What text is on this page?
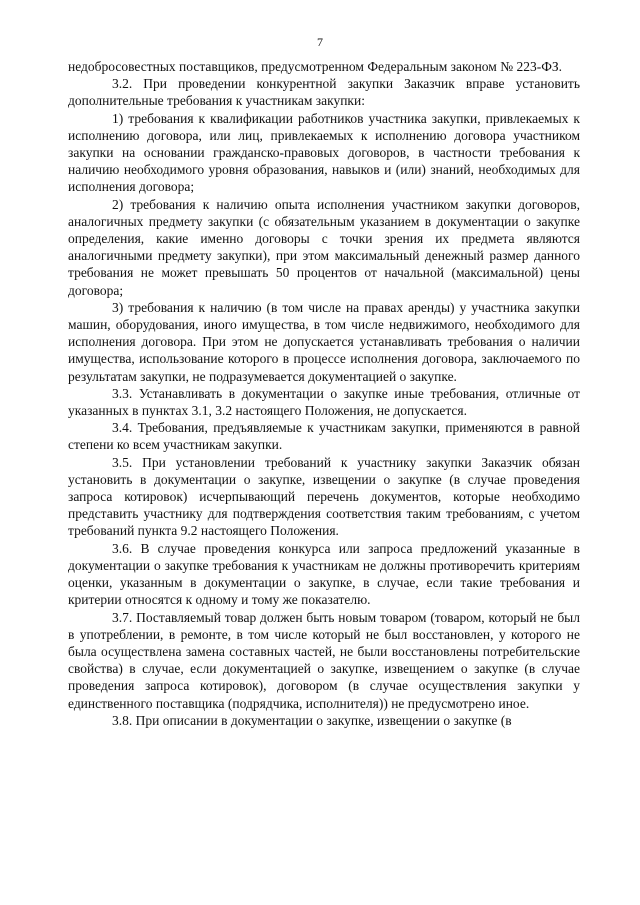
7

недобросовестных поставщиков, предусмотренном Федеральным законом № 223-ФЗ.

3.2. При проведении конкурентной закупки Заказчик вправе установить дополнительные требования к участникам закупки:

1) требования к квалификации работников участника закупки, привлекаемых к исполнению договора, или лиц, привлекаемых к исполнению договора участником закупки на основании гражданско-правовых договоров, в частности требования к наличию необходимого уровня образования, навыков и (или) знаний, необходимых для исполнения договора;

2) требования к наличию опыта исполнения участником закупки договоров, аналогичных предмету закупки (с обязательным указанием в документации о закупке определения, какие именно договоры с точки зрения их предмета являются аналогичными предмету закупки), при этом максимальный денежный размер данного требования не может превышать 50 процентов от начальной (максимальной) цены договора;

3) требования к наличию (в том числе на правах аренды) у участника закупки машин, оборудования, иного имущества, в том числе недвижимого, необходимого для исполнения договора. При этом не допускается устанавливать требования о наличии имущества, использование которого в процессе исполнения договора, заключаемого по результатам закупки, не подразумевается документацией о закупке.

3.3. Устанавливать в документации о закупке иные требования, отличные от указанных в пунктах 3.1, 3.2 настоящего Положения, не допускается.

3.4. Требования, предъявляемые к участникам закупки, применяются в равной степени ко всем участникам закупки.

3.5. При установлении требований к участнику закупки Заказчик обязан установить в документации о закупке, извещении о закупке (в случае проведения запроса котировок) исчерпывающий перечень документов, которые необходимо представить участнику для подтверждения соответствия таким требованиям, с учетом требований пункта 9.2 настоящего Положения.

3.6. В случае проведения конкурса или запроса предложений указанные в документации о закупке требования к участникам не должны противоречить критериям оценки, указанным в документации о закупке, в случае, если такие требования и критерии относятся к одному и тому же показателю.

3.7. Поставляемый товар должен быть новым товаром (товаром, который не был в употреблении, в ремонте, в том числе который не был восстановлен, у которого не была осуществлена замена составных частей, не были восстановлены потребительские свойства) в случае, если документацией о закупке, извещением о закупке (в случае проведения запроса котировок), договором (в случае осуществления закупки у единственного поставщика (подрядчика, исполнителя)) не предусмотрено иное.

3.8. При описании в документации о закупке, извещении о закупке (в
